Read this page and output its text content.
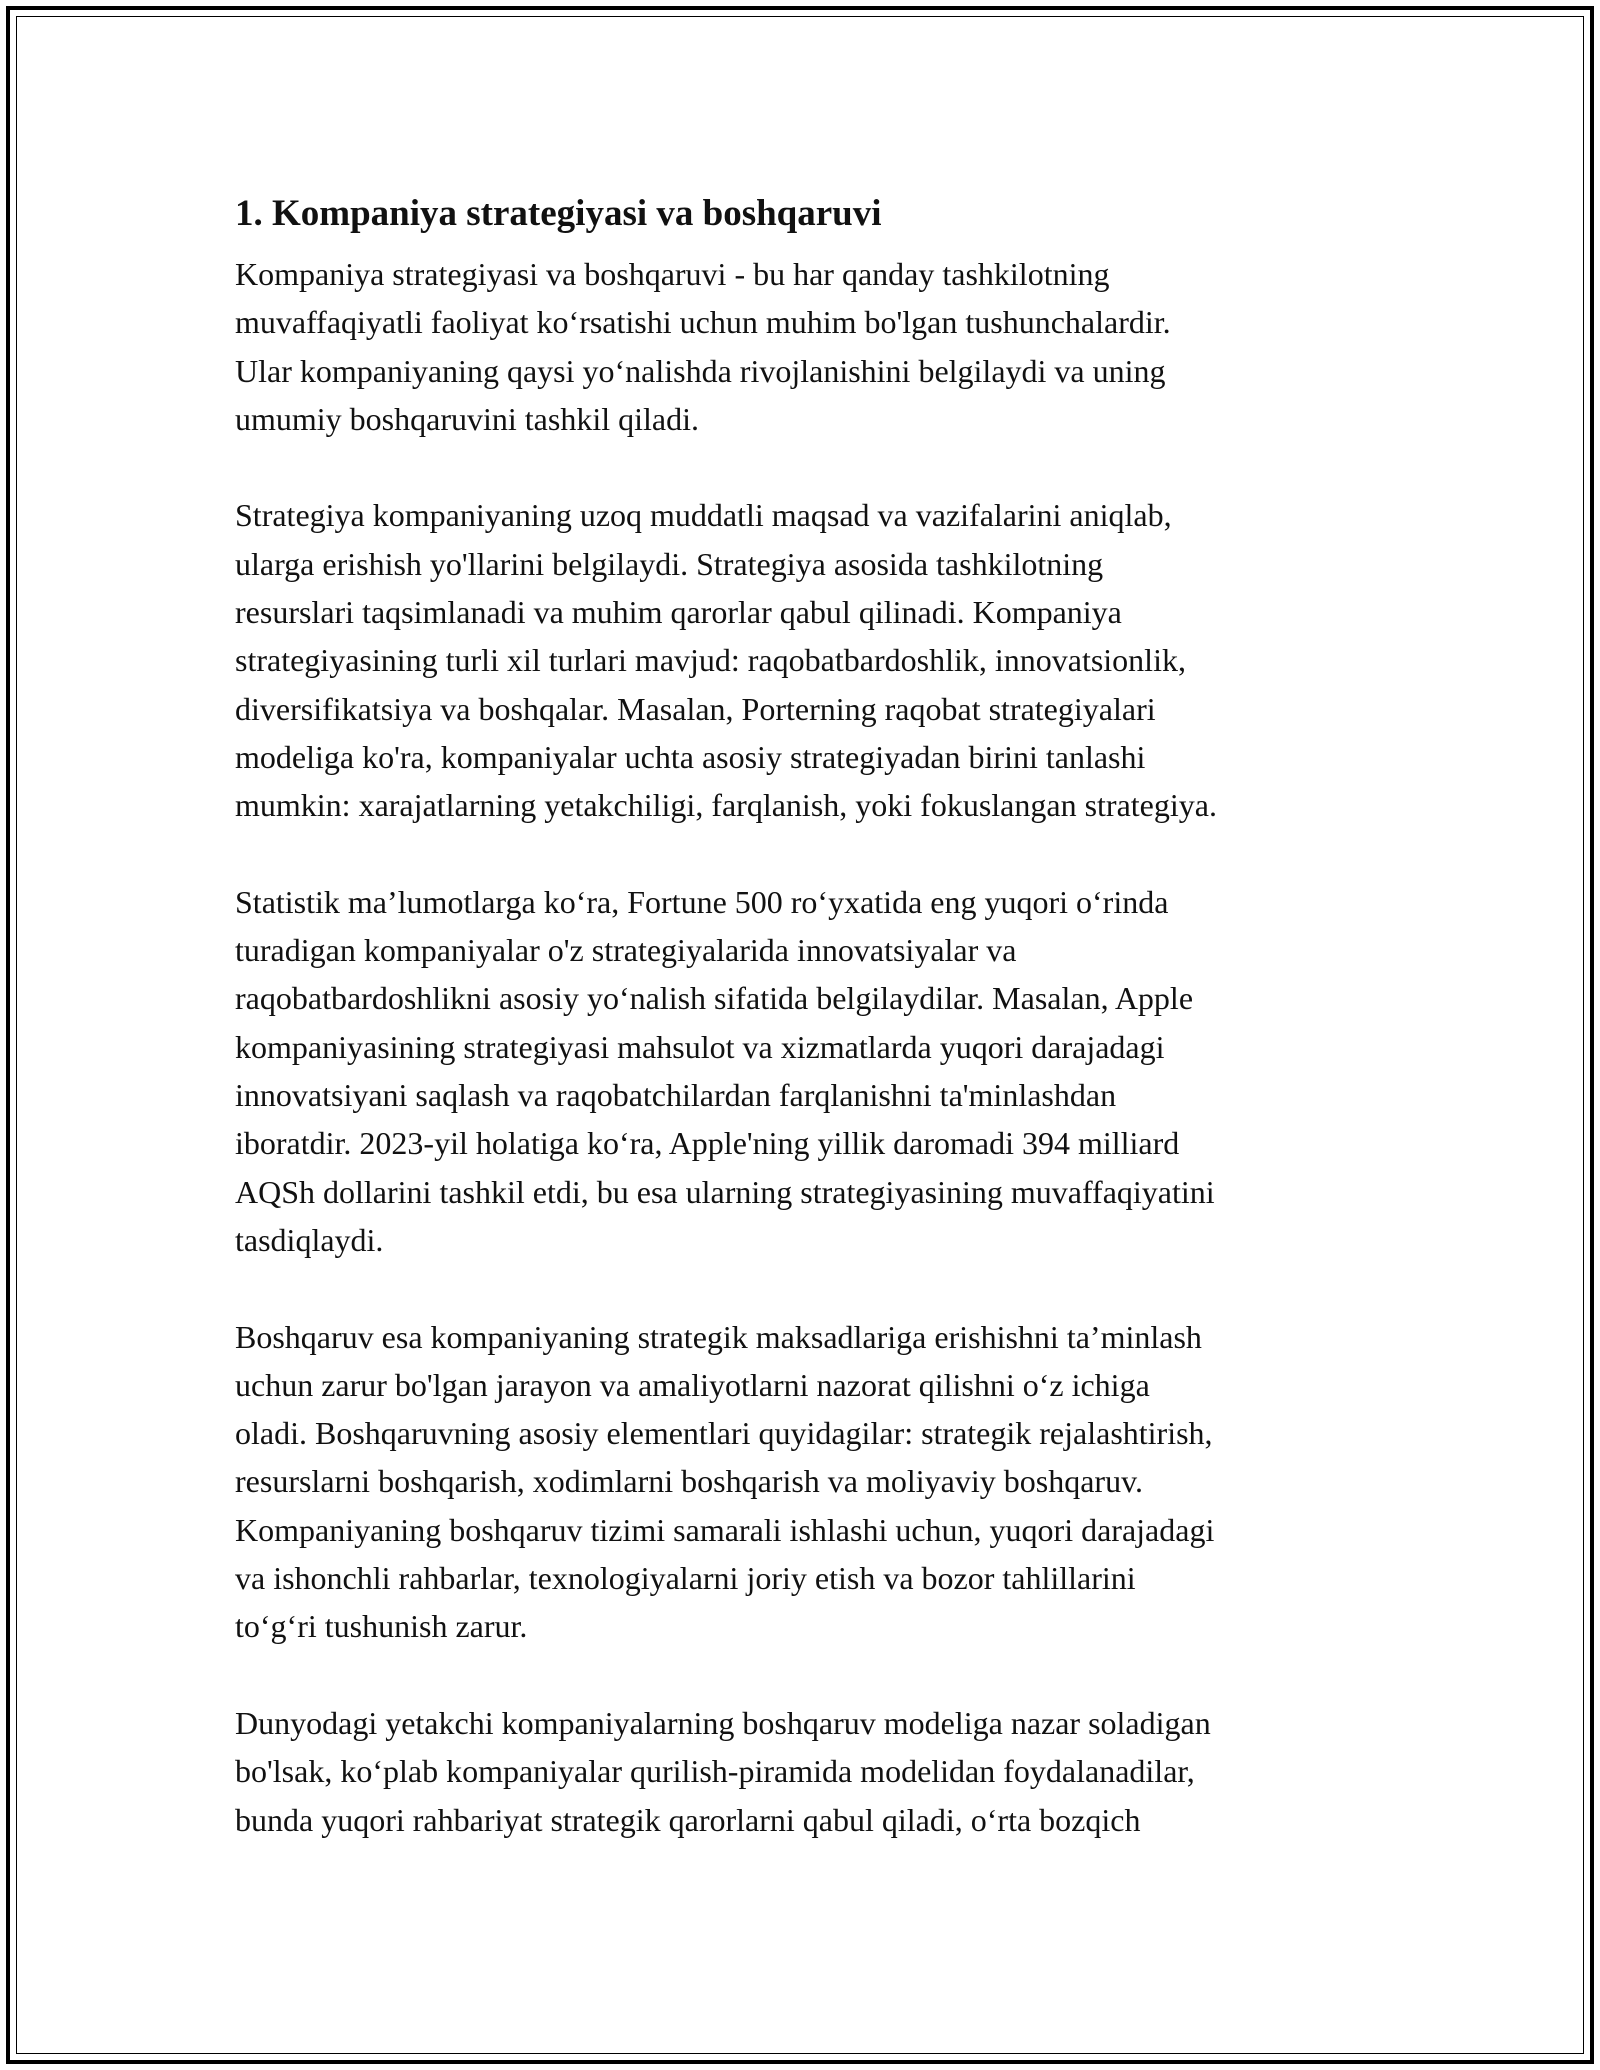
1. Kompaniya strategiyasi va boshqaruvi

Kompaniya strategiyasi va boshqaruvi - bu har qanday tashkilotning
muvaffaqiyatli faoliyat ko‘rsatishi uchun muhim bo'lgan tushunchalardir.
Ular kompaniyaning qaysi yo‘nalishda rivojlanishini belgilaydi va uning
umumiy boshqaruvini tashkil qiladi.

Strategiya kompaniyaning uzoq muddatli maqsad va vazifalarini aniqlab,
ularga erishish yo'llarini belgilaydi. Strategiya asosida tashkilotning
resurslari taqsimlanadi va muhim qarorlar qabul qilinadi. Kompaniya
strategiyasining turli xil turlari mavjud: raqobatbardoshlik, innovatsionlik,
diversifikatsiya va boshqalar. Masalan, Porterning raqobat strategiyalari
modeliga ko'ra, kompaniyalar uchta asosiy strategiyadan birini tanlashi
mumkin: xarajatlarning yetakchiligi, farqlanish, yoki fokuslangan strategiya.

Statistik ma’lumotlarga ko‘ra, Fortune 500 ro‘yxatida eng yuqori o‘rinda
turadigan kompaniyalar o'z strategiyalarida innovatsiyalar va
raqobatbardoshlikni asosiy yo‘nalish sifatida belgilaydilar. Masalan, Apple
kompaniyasining strategiyasi mahsulot va xizmatlarda yuqori darajadagi
innovatsiyani saqlash va raqobatchilardan farqlanishni ta'minlashdan
iboratdir. 2023-yil holatiga ko‘ra, Apple'ning yillik daromadi 394 milliard
AQSh dollarini tashkil etdi, bu esa ularning strategiyasining muvaffaqiyatini
tasdiqlaydi.

Boshqaruv esa kompaniyaning strategik maksadlariga erishishni ta’minlash
uchun zarur bo'lgan jarayon va amaliyotlarni nazorat qilishni o‘z ichiga
oladi. Boshqaruvning asosiy elementlari quyidagilar: strategik rejalashtirish,
resurslarni boshqarish, xodimlarni boshqarish va moliyaviy boshqaruv.
Kompaniyaning boshqaruv tizimi samarali ishlashi uchun, yuqori darajadagi
va ishonchli rahbarlar, texnologiyalarni joriy etish va bozor tahlillarini
to‘g‘ri tushunish zarur.

Dunyodagi yetakchi kompaniyalarning boshqaruv modeliga nazar soladigan
bo'lsak, ko‘plab kompaniyalar qurilish-piramida modelidan foydalanadilar,
bunda yuqori rahbariyat strategik qarorlarni qabul qiladi, o‘rta bozqich
